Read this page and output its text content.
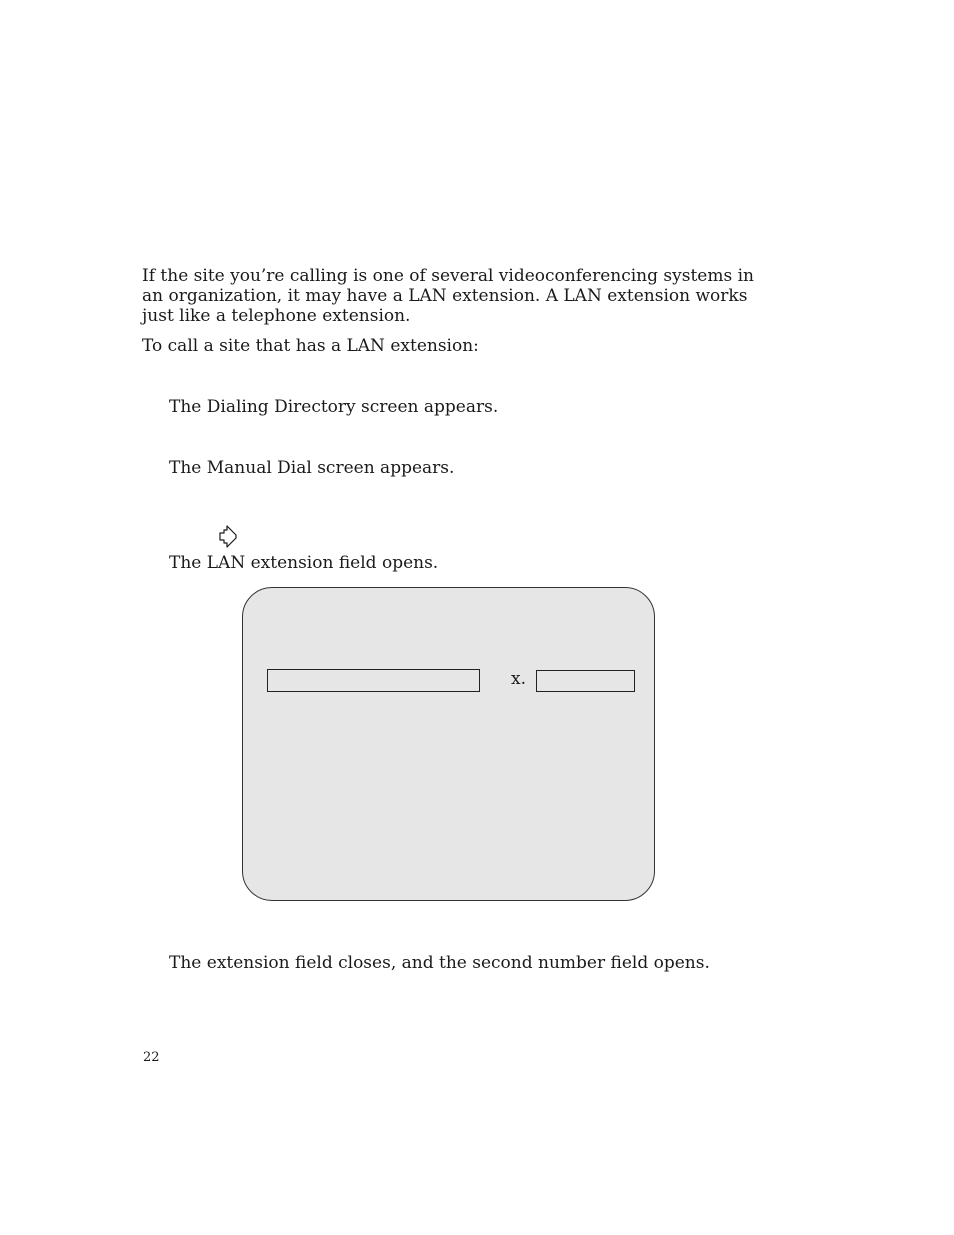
If the site you’re calling is one of several videoconferencing systems in an organization, it may have a LAN extension. A LAN extension works just like a telephone extension.

To call a site that has a LAN extension:

The Dialing Directory screen appears.

The Manual Dial screen appears.

The LAN extension field opens.

x.

The extension field closes, and the second number field opens.

22
